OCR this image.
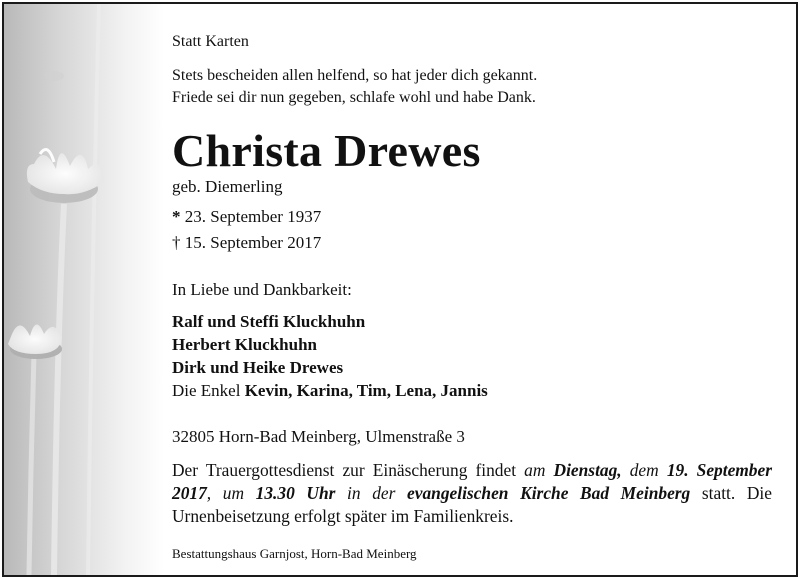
Statt Karten
Stets bescheiden allen helfend, so hat jeder dich gekannt.
Friede sei dir nun gegeben, schlafe wohl und habe Dank.
Christa Drewes
geb. Diemerling
* 23. September 1937
† 15. September 2017
In Liebe und Dankbarkeit:
Ralf und Steffi Kluckhuhn
Herbert Kluckhuhn
Dirk und Heike Drewes
Die Enkel Kevin, Karina, Tim, Lena, Jannis
32805 Horn-Bad Meinberg, Ulmenstraße 3
Der Trauergottesdienst zur Einäscherung findet am Dienstag, dem 19. September 2017, um 13.30 Uhr in der evangelischen Kirche Bad Meinberg statt. Die Urnenbeisetzung erfolgt später im Familienkreis.
Bestattungshaus Garnjost, Horn-Bad Meinberg
